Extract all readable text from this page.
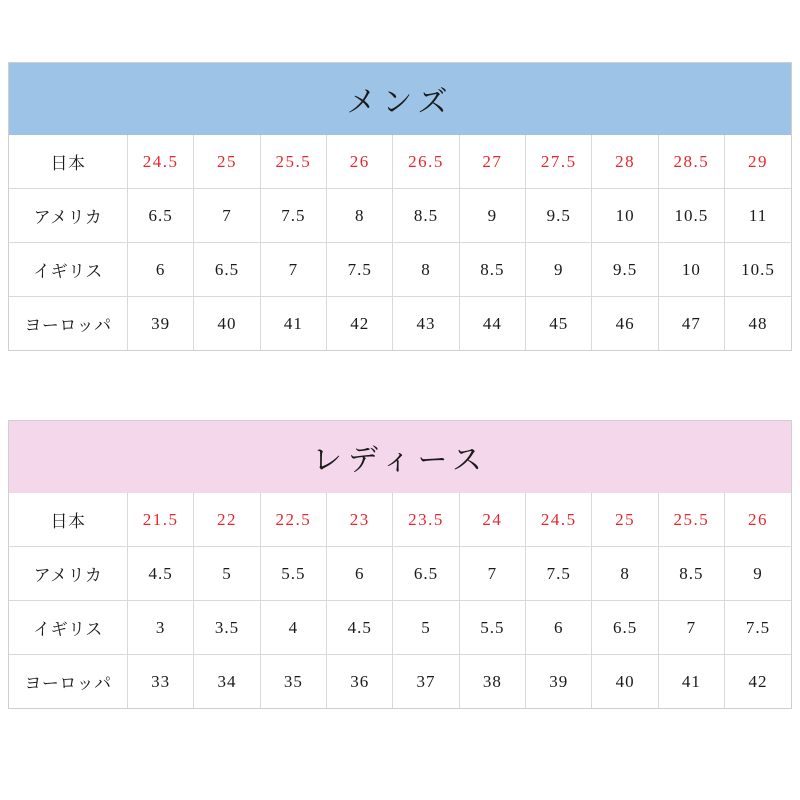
メンズ
日本	24.5	25	25.5	26	26.5	27	27.5	28	28.5	29
アメリカ	6.5	7	7.5	8	8.5	9	9.5	10	10.5	11
イギリス	6	6.5	7	7.5	8	8.5	9	9.5	10	10.5
ヨーロッパ	39	40	41	42	43	44	45	46	47	48
レディース
日本	21.5	22	22.5	23	23.5	24	24.5	25	25.5	26
アメリカ	4.5	5	5.5	6	6.5	7	7.5	8	8.5	9
イギリス	3	3.5	4	4.5	5	5.5	6	6.5	7	7.5
ヨーロッパ	33	34	35	36	37	38	39	40	41	42
